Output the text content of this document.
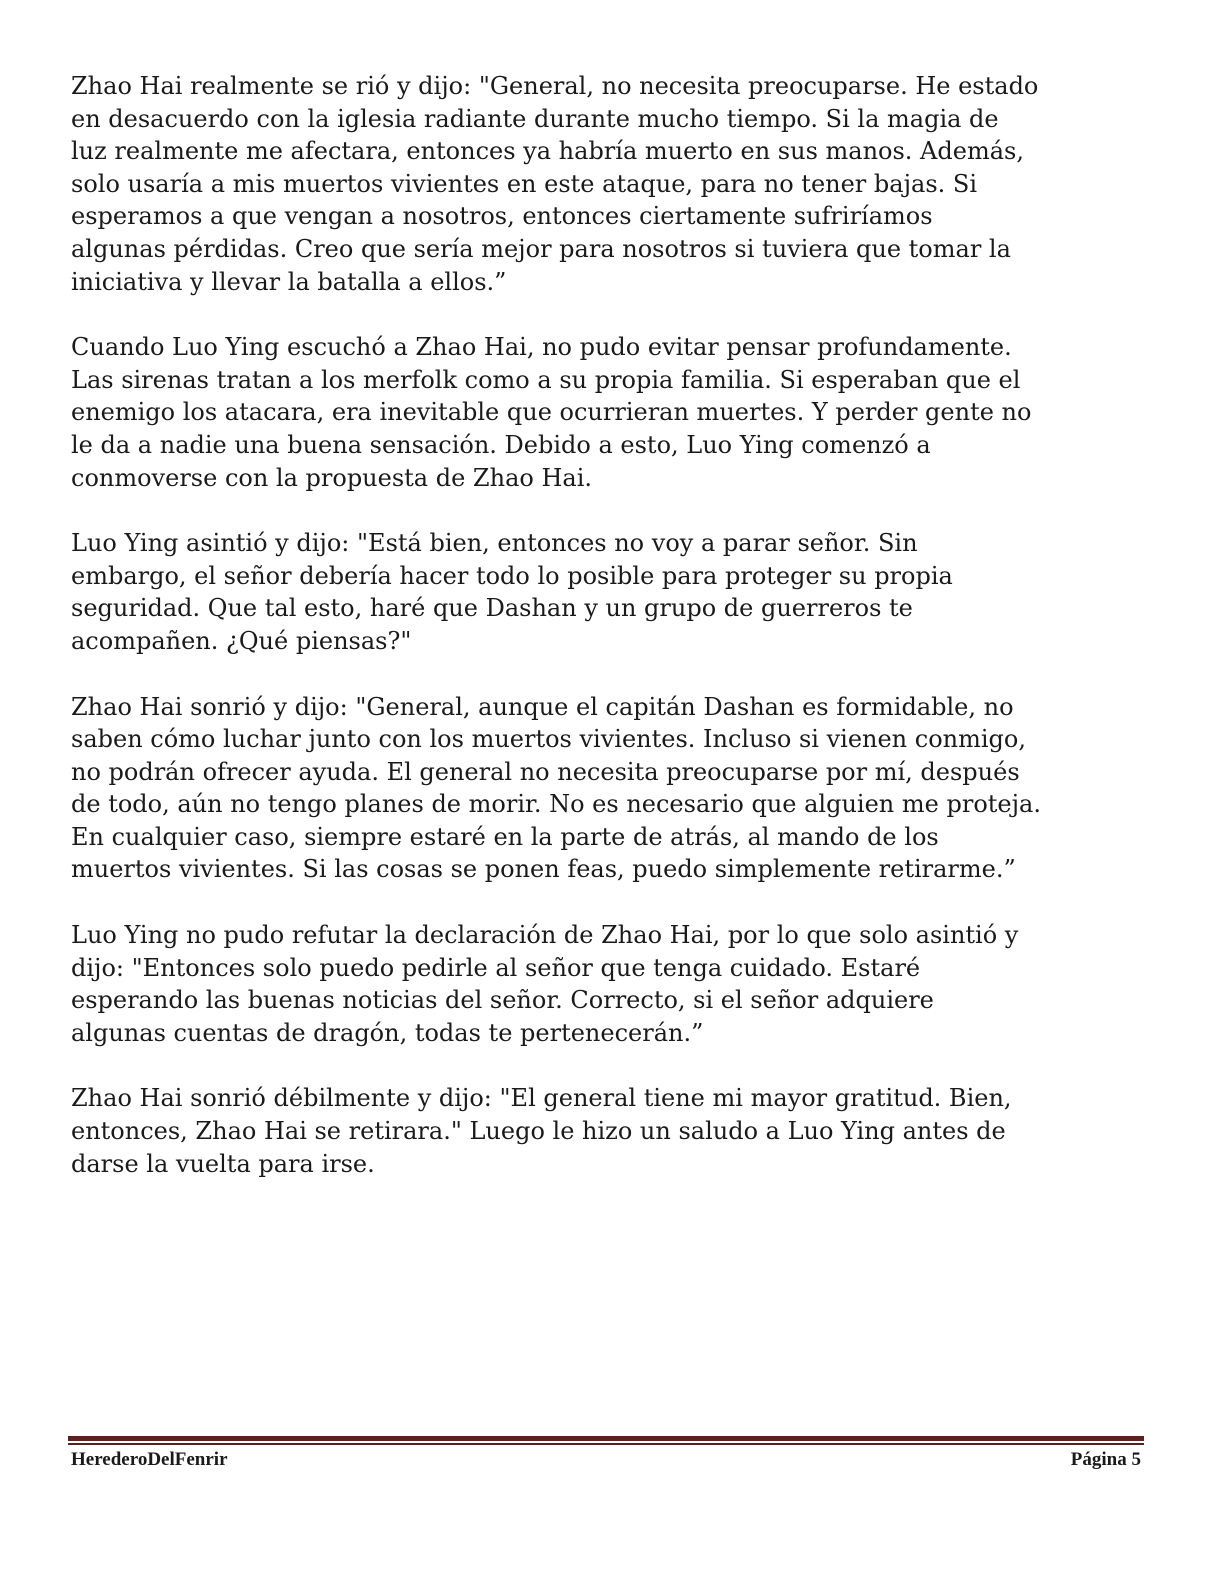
Zhao Hai realmente se rió y dijo: "General, no necesita preocuparse. He estado
en desacuerdo con la iglesia radiante durante mucho tiempo. Si la magia de
luz realmente me afectara, entonces ya habría muerto en sus manos. Además,
solo usaría a mis muertos vivientes en este ataque, para no tener bajas. Si
esperamos a que vengan a nosotros, entonces ciertamente sufriríamos
algunas pérdidas. Creo que sería mejor para nosotros si tuviera que tomar la
iniciativa y llevar la batalla a ellos.”

Cuando Luo Ying escuchó a Zhao Hai, no pudo evitar pensar profundamente.
Las sirenas tratan a los merfolk como a su propia familia. Si esperaban que el
enemigo los atacara, era inevitable que ocurrieran muertes. Y perder gente no
le da a nadie una buena sensación. Debido a esto, Luo Ying comenzó a
conmoverse con la propuesta de Zhao Hai.

Luo Ying asintió y dijo: "Está bien, entonces no voy a parar señor. Sin
embargo, el señor debería hacer todo lo posible para proteger su propia
seguridad. Que tal esto, haré que Dashan y un grupo de guerreros te
acompañen. ¿Qué piensas?"

Zhao Hai sonrió y dijo: "General, aunque el capitán Dashan es formidable, no
saben cómo luchar junto con los muertos vivientes. Incluso si vienen conmigo,
no podrán ofrecer ayuda. El general no necesita preocuparse por mí, después
de todo, aún no tengo planes de morir. No es necesario que alguien me proteja.
En cualquier caso, siempre estaré en la parte de atrás, al mando de los
muertos vivientes. Si las cosas se ponen feas, puedo simplemente retirarme.”

Luo Ying no pudo refutar la declaración de Zhao Hai, por lo que solo asintió y
dijo: "Entonces solo puedo pedirle al señor que tenga cuidado. Estaré
esperando las buenas noticias del señor. Correcto, si el señor adquiere
algunas cuentas de dragón, todas te pertenecerán.”

Zhao Hai sonrió débilmente y dijo: "El general tiene mi mayor gratitud. Bien,
entonces, Zhao Hai se retirara." Luego le hizo un saludo a Luo Ying antes de
darse la vuelta para irse.

HerederoDelFenrir	Página 5
